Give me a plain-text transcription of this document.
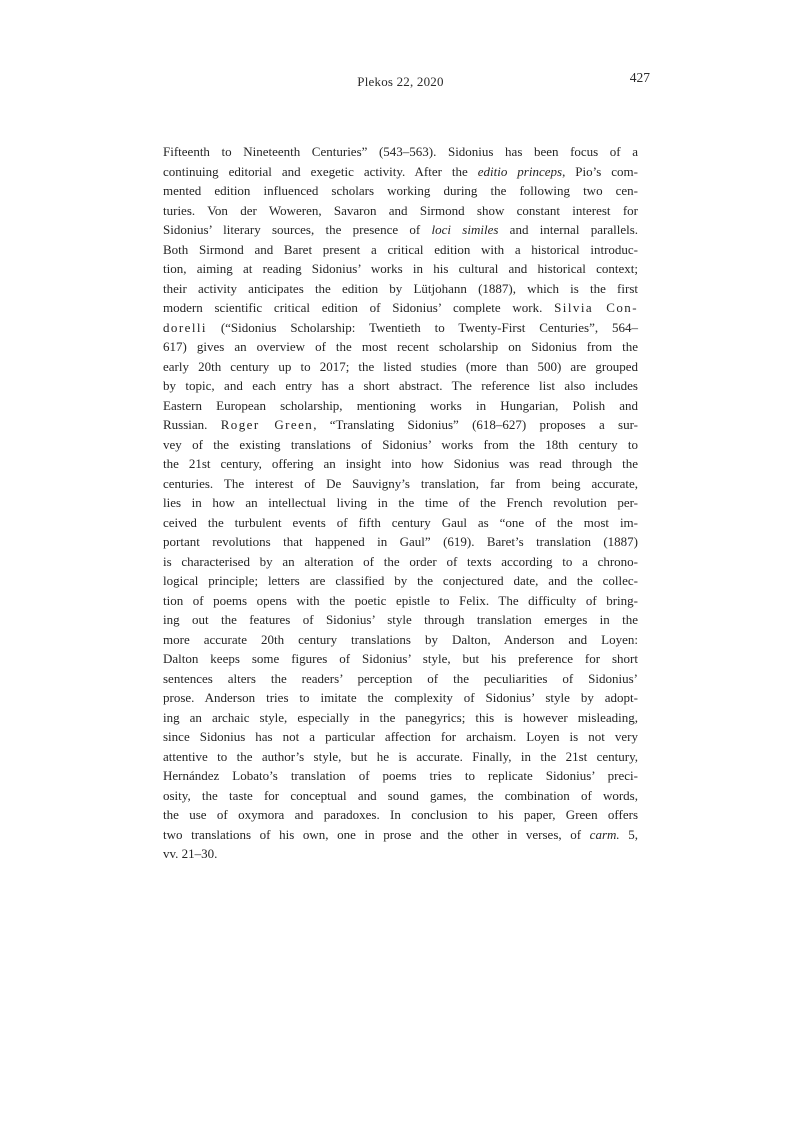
Plekos 22, 2020	427
Fifteenth to Nineteenth Centuries” (543–563). Sidonius has been focus of a
continuing editorial and exegetic activity. After the editio princeps, Pio’s com-
mented edition influenced scholars working during the following two cen-
turies. Von der Woweren, Savaron and Sirmond show constant interest for
Sidonius’ literary sources, the presence of loci similes and internal parallels.
Both Sirmond and Baret present a critical edition with a historical introduc-
tion, aiming at reading Sidonius’ works in his cultural and historical context;
their activity anticipates the edition by Lütjohann (1887), which is the first
modern scientific critical edition of Sidonius’ complete work. Silvia Con-
dorelli (“Sidonius Scholarship: Twentieth to Twenty-First Centuries”, 564–
617) gives an overview of the most recent scholarship on Sidonius from the
early 20th century up to 2017; the listed studies (more than 500) are grouped
by topic, and each entry has a short abstract. The reference list also includes
Eastern European scholarship, mentioning works in Hungarian, Polish and
Russian. Roger Green, “Translating Sidonius” (618–627) proposes a sur-
vey of the existing translations of Sidonius’ works from the 18th century to
the 21st century, offering an insight into how Sidonius was read through the
centuries. The interest of De Sauvigny’s translation, far from being accurate,
lies in how an intellectual living in the time of the French revolution per-
ceived the turbulent events of fifth century Gaul as “one of the most im-
portant revolutions that happened in Gaul” (619). Baret’s translation (1887)
is characterised by an alteration of the order of texts according to a chrono-
logical principle; letters are classified by the conjectured date, and the collec-
tion of poems opens with the poetic epistle to Felix. The difficulty of bring-
ing out the features of Sidonius’ style through translation emerges in the
more accurate 20th century translations by Dalton, Anderson and Loyen:
Dalton keeps some figures of Sidonius’ style, but his preference for short
sentences alters the readers’ perception of the peculiarities of Sidonius’
prose. Anderson tries to imitate the complexity of Sidonius’ style by adopt-
ing an archaic style, especially in the panegyrics; this is however misleading,
since Sidonius has not a particular affection for archaism. Loyen is not very
attentive to the author’s style, but he is accurate. Finally, in the 21st century,
Hernández Lobato’s translation of poems tries to replicate Sidonius’ preci-
osity, the taste for conceptual and sound games, the combination of words,
the use of oxymora and paradoxes. In conclusion to his paper, Green offers
two translations of his own, one in prose and the other in verses, of carm. 5,
vv. 21–30.
